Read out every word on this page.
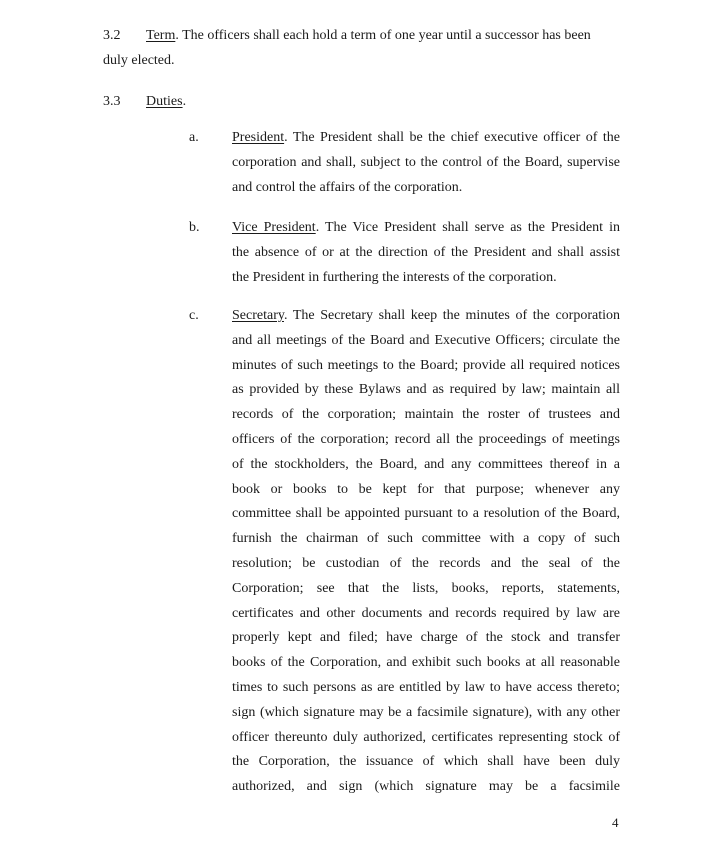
3.2 Term. The officers shall each hold a term of one year until a successor has been
duly elected.
3.3 Duties.
a. President. The President shall be the chief executive officer of the
corporation and shall, subject to the control of the Board, supervise
and control the affairs of the corporation.
b. Vice President. The Vice President shall serve as the President in
the absence of or at the direction of the President and shall assist
the President in furthering the interests of the corporation.
c. Secretary. The Secretary shall keep the minutes of the corporation
and all meetings of the Board and Executive Officers; circulate the
minutes of such meetings to the Board; provide all required notices
as provided by these Bylaws and as required by law; maintain all
records of the corporation; maintain the roster of trustees and
officers of the corporation; record all the proceedings of meetings
of the stockholders, the Board, and any committees thereof in a
book or books to be kept for that purpose; whenever any
committee shall be appointed pursuant to a resolution of the Board,
furnish the chairman of such committee with a copy of such
resolution; be custodian of the records and the seal of the
Corporation; see that the lists, books, reports, statements,
certificates and other documents and records required by law are
properly kept and filed; have charge of the stock and transfer
books of the Corporation, and exhibit such books at all reasonable
times to such persons as are entitled by law to have access thereto;
sign (which signature may be a facsimile signature), with any other
officer thereunto duly authorized, certificates representing stock of
the Corporation, the issuance of which shall have been duly
authorized, and sign (which signature may be a facsimile
4
